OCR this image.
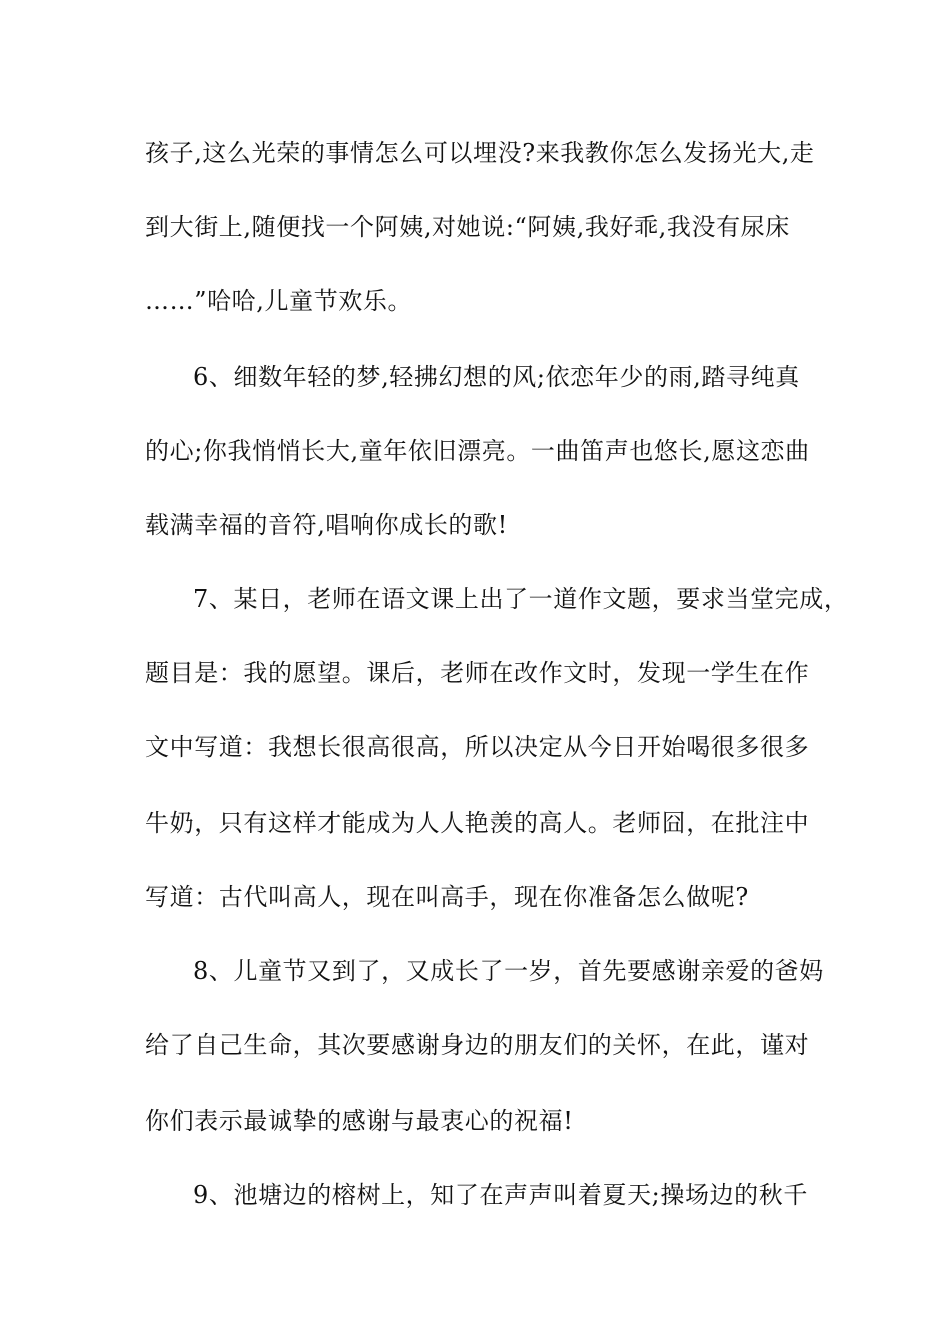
孩子,这么光荣的事情怎么可以埋没?来我教你怎么发扬光大,走
到大街上,随便找一个阿姨,对她说:“阿姨,我好乖,我没有尿床
……”哈哈,儿童节欢乐。
6、细数年轻的梦,轻拂幻想的风;依恋年少的雨,踏寻纯真
的心;你我悄悄长大,童年依旧漂亮。一曲笛声也悠长,愿这恋曲
载满幸福的音符,唱响你成长的歌!
7、某日，老师在语文课上出了一道作文题，要求当堂完成，
题目是：我的愿望。课后，老师在改作文时，发现一学生在作
文中写道：我想长很高很高，所以决定从今日开始喝很多很多
牛奶，只有这样才能成为人人艳羡的高人。老师囧，在批注中
写道：古代叫高人，现在叫高手，现在你准备怎么做呢?
8、儿童节又到了，又成长了一岁，首先要感谢亲爱的爸妈
给了自己生命，其次要感谢身边的朋友们的关怀，在此，谨对
你们表示最诚挚的感谢与最衷心的祝福!
9、池塘边的榕树上，知了在声声叫着夏天;操场边的秋千
